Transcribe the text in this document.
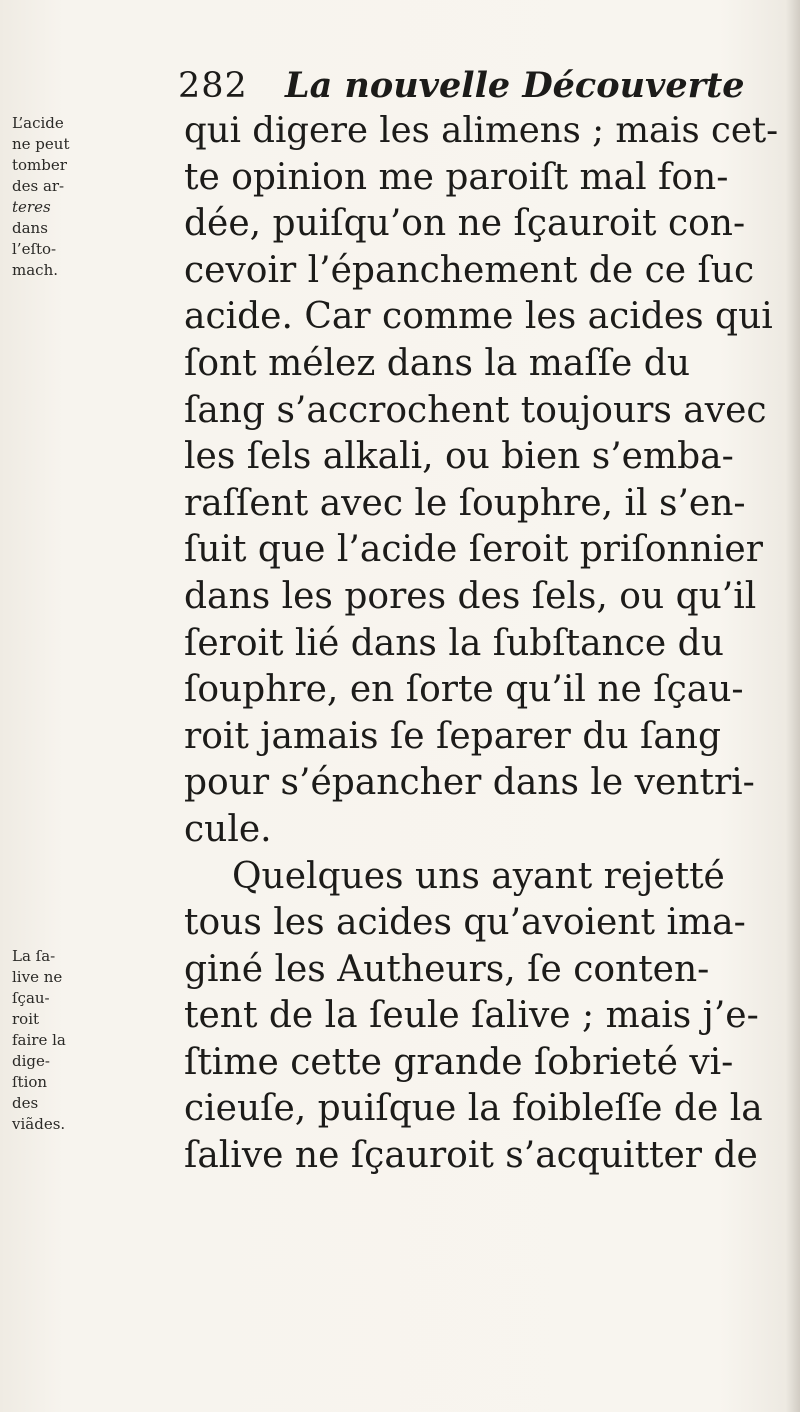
282 La nouvelle Découverte
L’acide
ne peut
tomber
des ar-
teres
dans
l’eſto-
mach.
La ſa-
live ne
ſçau-
roit
faire la
dige-
ſtion
des
viãdes.
qui digere les alimens ; mais cet-
te opinion me paroiſt mal fon-
dée, puiſqu’on ne ſçauroit con-
cevoir l’épanchement de ce ſuc
acide. Car comme les acides qui
ſont mélez dans la maſſe du
ſang s’accrochent toujours avec
les ſels alkali, ou bien s’emba-
raſſent avec le ſouphre, il s’en-
ſuit que l’acide ſeroit priſonnier
dans les pores des ſels, ou qu’il
ſeroit lié dans la ſubſtance du
ſouphre, en ſorte qu’il ne ſçau-
roit jamais ſe ſeparer du ſang
pour s’épancher dans le ventri-
cule.
Quelques uns ayant rejetté
tous les acides qu’avoient ima-
giné les Autheurs, ſe conten-
tent de la ſeule ſalive ; mais j’e-
ſtime cette grande ſobrieté vi-
cieuſe, puiſque la foibleſſe de la
ſalive ne ſçauroit s’acquitter de
